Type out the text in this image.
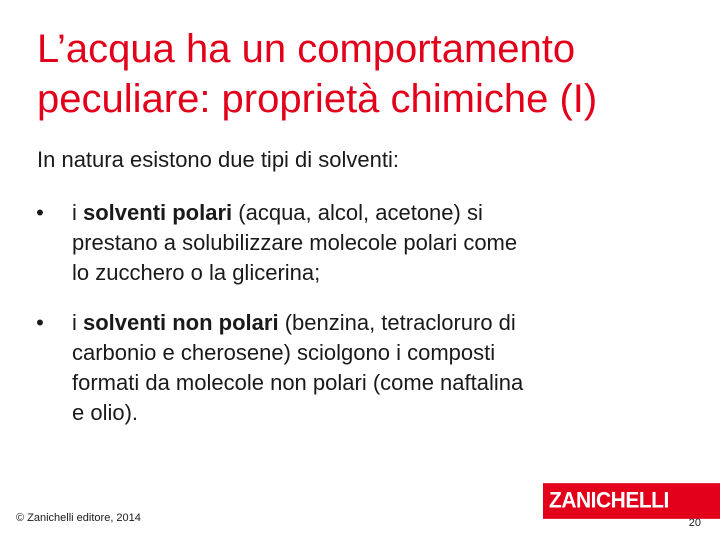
L’acqua ha un comportamento
peculiare: proprietà chimiche (I)
In natura esistono due tipi di solventi:
• i solventi polari (acqua, alcol, acetone) si
prestano a solubilizzare molecole polari come
lo zucchero o la glicerina;
• i solventi non polari (benzina, tetracloruro di
carbonio e cherosene) sciolgono i composti
formati da molecole non polari (come naftalina
e olio).
© Zanichelli editore, 2014
ZANICHELLI
20
